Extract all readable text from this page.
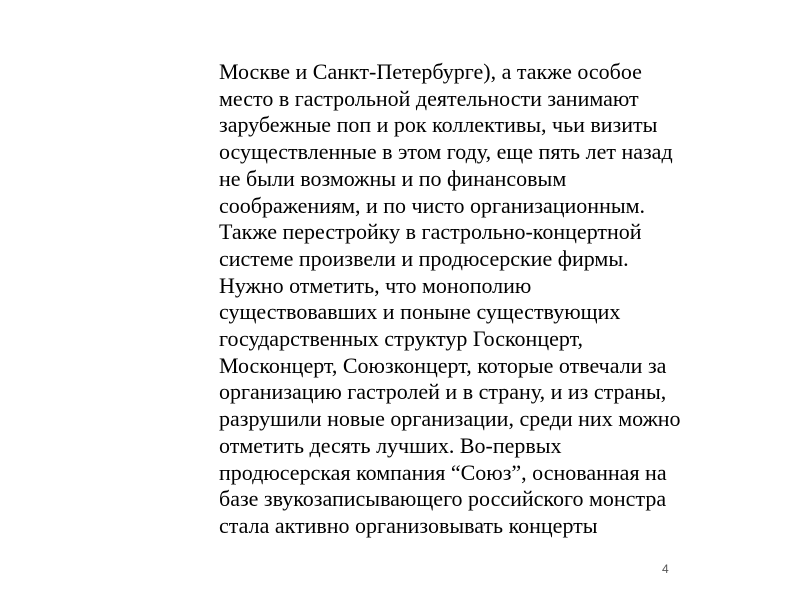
Москве и Санкт-Петербурге), а также особое
место в гастрольной деятельности занимают
зарубежные поп и рок коллективы, чьи визиты
осуществленные в этом году, еще пять лет назад
не были возможны и по финансовым
соображениям, и по чисто организационным.
Также перестройку в гастрольно-концертной
системе произвели и продюсерские фирмы.
Нужно отметить, что монополию
существовавших и поныне существующих
государственных структур Госконцерт,
Москонцерт, Союзконцерт, которые отвечали за
организацию гастролей и в страну, и из страны,
разрушили новые организации, среди них можно
отметить десять лучших. Во-первых
продюсерская компания “Союз”, основанная на
базе звукозаписывающего российского монстра
стала активно организовывать концерты
4
